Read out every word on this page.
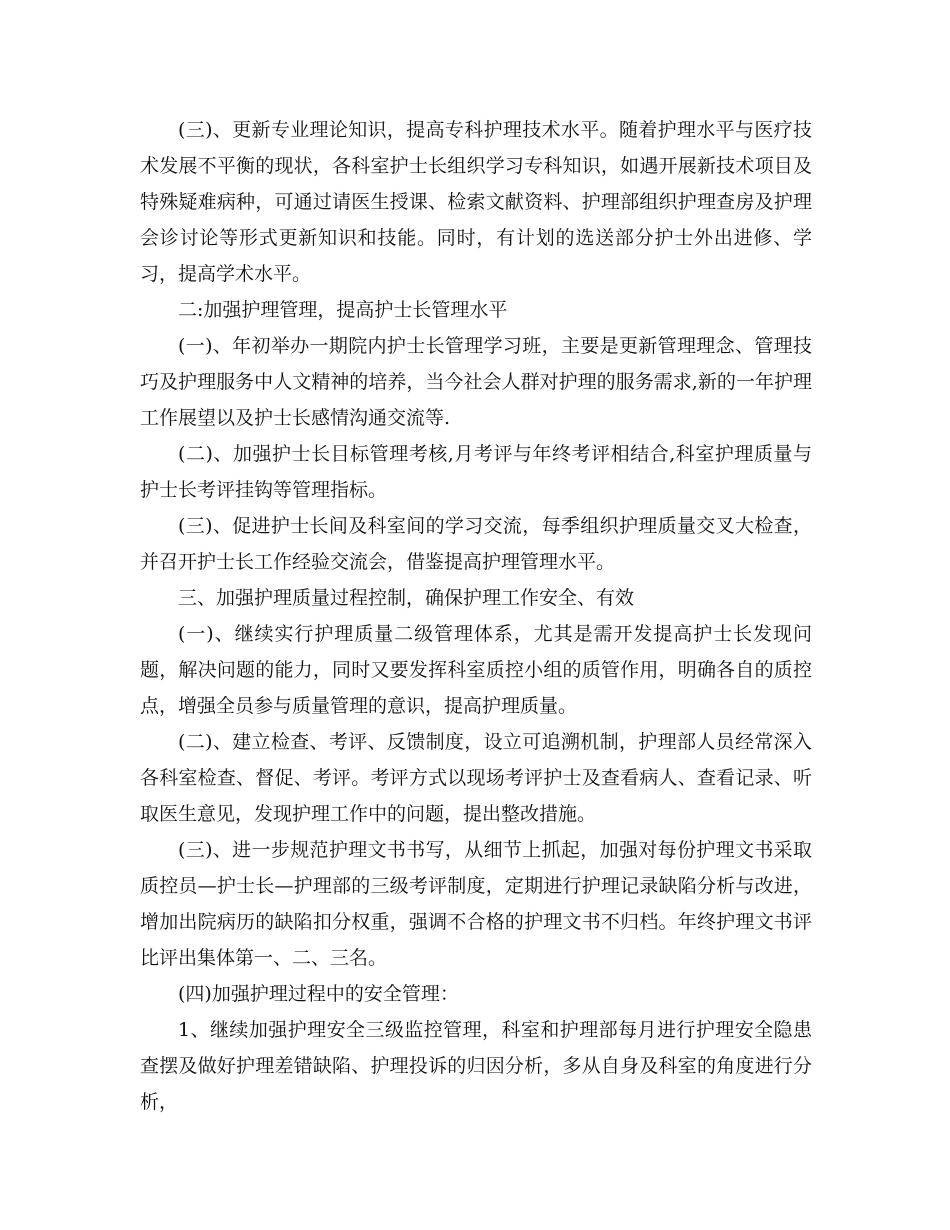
(三)、更新专业理论知识，提高专科护理技术水平。随着护理水平与医疗技术发展不平衡的现状，各科室护士长组织学习专科知识，如遇开展新技术项目及特殊疑难病种，可通过请医生授课、检索文献资料、护理部组织护理查房及护理会诊讨论等形式更新知识和技能。同时，有计划的选送部分护士外出进修、学习，提高学术水平。

二:加强护理管理，提高护士长管理水平

(一)、年初举办一期院内护士长管理学习班，主要是更新管理理念、管理技巧及护理服务中人文精神的培养，当今社会人群对护理的服务需求,新的一年护理工作展望以及护士长感情沟通交流等.

(二)、加强护士长目标管理考核,月考评与年终考评相结合,科室护理质量与护士长考评挂钩等管理指标。

(三)、促进护士长间及科室间的学习交流，每季组织护理质量交叉大检查，并召开护士长工作经验交流会，借鉴提高护理管理水平。

三、加强护理质量过程控制，确保护理工作安全、有效

(一)、继续实行护理质量二级管理体系，尤其是需开发提高护士长发现问题，解决问题的能力，同时又要发挥科室质控小组的质管作用，明确各自的质控点，增强全员参与质量管理的意识，提高护理质量。

(二)、建立检查、考评、反馈制度，设立可追溯机制，护理部人员经常深入各科室检查、督促、考评。考评方式以现场考评护士及查看病人、查看记录、听取医生意见，发现护理工作中的问题，提出整改措施。

(三)、进一步规范护理文书书写，从细节上抓起，加强对每份护理文书采取质控员—护士长—护理部的三级考评制度，定期进行护理记录缺陷分析与改进，增加出院病历的缺陷扣分权重，强调不合格的护理文书不归档。年终护理文书评比评出集体第一、二、三名。

(四)加强护理过程中的安全管理：

1、继续加强护理安全三级监控管理，科室和护理部每月进行护理安全隐患查摆及做好护理差错缺陷、护理投诉的归因分析，多从自身及科室的角度进行分析，
